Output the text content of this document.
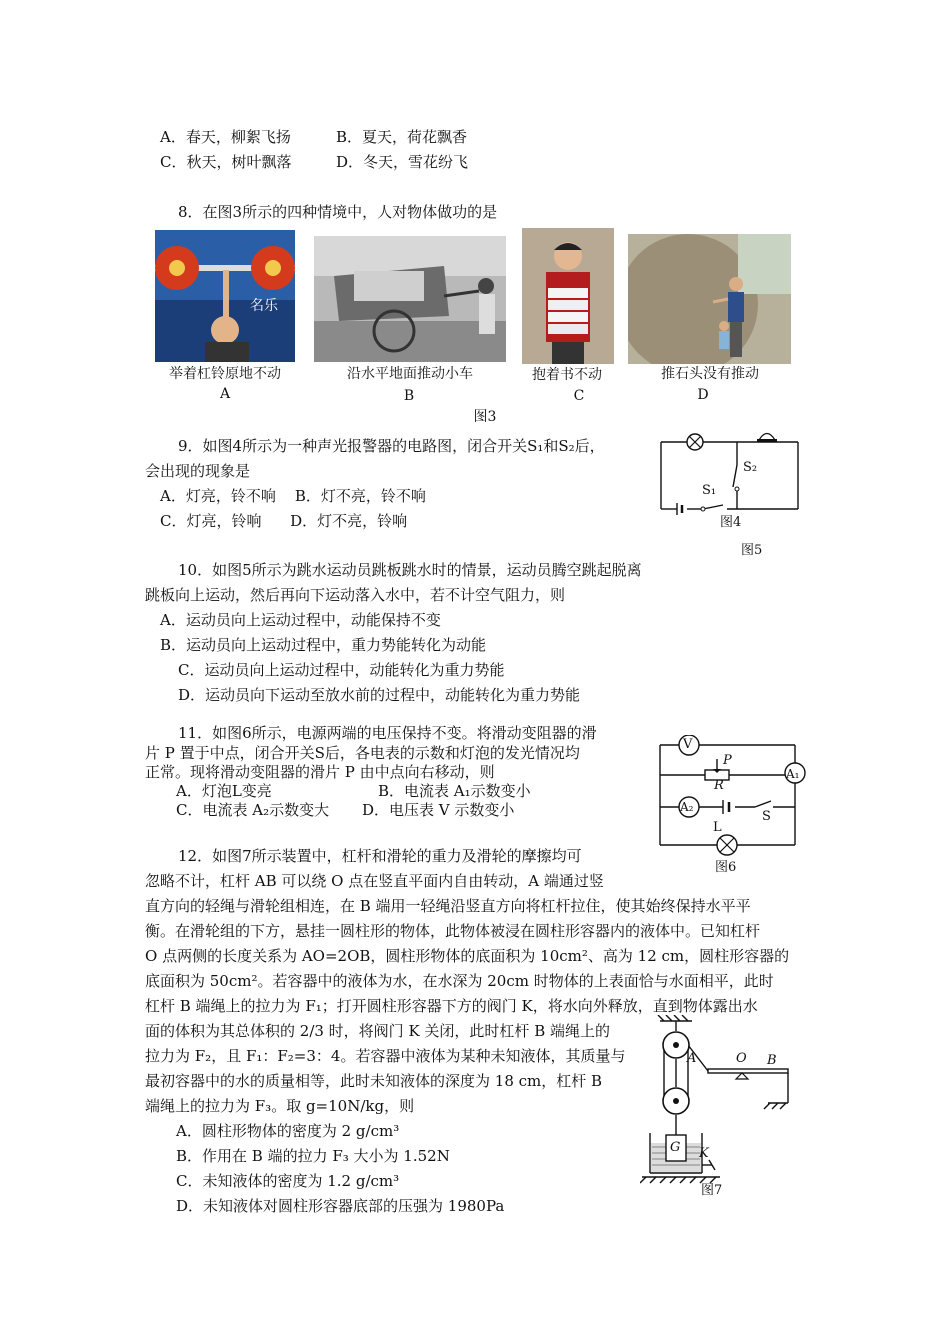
A．春天，柳絮飞扬	B．夏天，荷花飘香
C．秋天，树叶飘落	D．冬天，雪花纷飞
8．在图3所示的四种情境中，人对物体做功的是
名乐
举着杠铃原地不动	沿水平地面推动小车	抱着书不动	推石头没有推动
A	B	C	D
图3
9．如图4所示为一种声光报警器的电路图，闭合开关S₁和S₂后，
会出现的现象是
A．灯亮，铃不响    B．灯不亮，铃不响
C．灯亮，铃响      D．灯不亮，铃响
S₂
S₁
图4
图5
10．如图5所示为跳水运动员跳板跳水时的情景，运动员腾空跳起脱离
跳板向上运动，然后再向下运动落入水中，若不计空气阻力，则
A．运动员向上运动过程中，动能保持不变
B．运动员向上运动过程中，重力势能转化为动能
C．运动员向上运动过程中，动能转化为重力势能
D．运动员向下运动至放水前的过程中，动能转化为重力势能
11．如图6所示，电源两端的电压保持不变。将滑动变阻器的滑
片 P 置于中点，闭合开关S后，各电表的示数和灯泡的发光情况均
正常。现将滑动变阻器的滑片 P 由中点向右移动，则
A．灯泡L变亮	B．电流表 A₁示数变小
C．电流表 A₂示数变大 D．电压表 V 示数变小
V
P
R
A₁
A₂
S
L
图6
12．如图7所示装置中，杠杆和滑轮的重力及滑轮的摩擦均可
忽略不计，杠杆 AB 可以绕 O 点在竖直平面内自由转动，A 端通过竖
直方向的轻绳与滑轮组相连，在 B 端用一轻绳沿竖直方向将杠杆拉住，使其始终保持水平平
衡。在滑轮组的下方，悬挂一圆柱形的物体，此物体被浸在圆柱形容器内的液体中。已知杠杆
O 点两侧的长度关系为 AO=2OB，圆柱形物体的底面积为 10cm²、高为 12 cm，圆柱形容器的
底面积为 50cm²。若容器中的液体为水，在水深为 20cm 时物体的上表面恰与水面相平，此时
杠杆 B 端绳上的拉力为 F₁；打开圆柱形容器下方的阀门 K，将水向外释放，直到物体露出水
面的体积为其总体积的 2/3 时，将阀门 K 关闭，此时杠杆 B 端绳上的
拉力为 F₂，且 F₁：F₂=3：4。若容器中液体为某种未知液体，其质量与
最初容器中的水的质量相等，此时未知液体的深度为 18 cm，杠杆 B
端绳上的拉力为 F₃。取 g=10N/kg，则
A．圆柱形物体的密度为 2 g/cm³
B．作用在 B 端的拉力 F₃ 大小为 1.52N
C．未知液体的密度为 1.2 g/cm³
D．未知液体对圆柱形容器底部的压强为 1980Pa
A	O B
G K
图7
